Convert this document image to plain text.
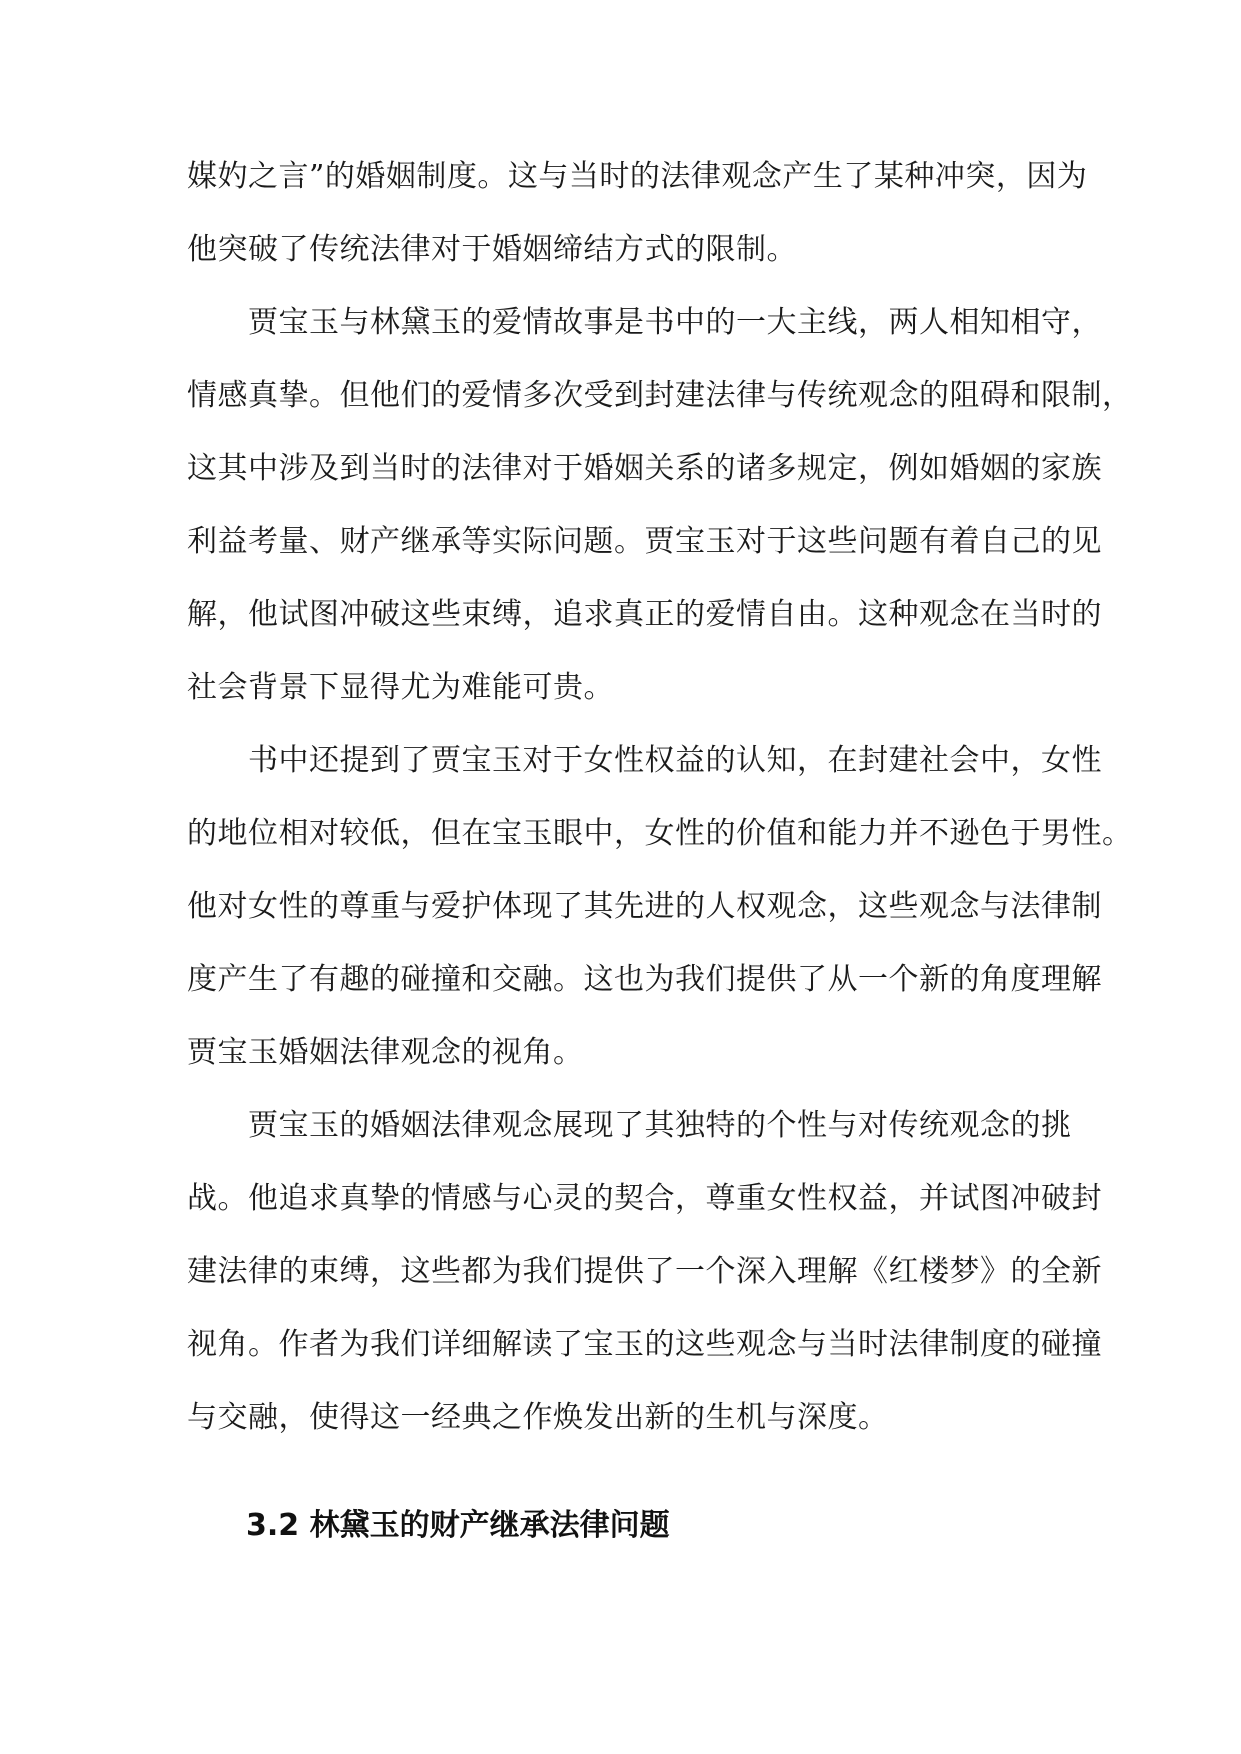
媒妁之言”的婚姻制度。这与当时的法律观念产生了某种冲突，因为
他突破了传统法律对于婚姻缔结方式的限制。
　　贾宝玉与林黛玉的爱情故事是书中的一大主线，两人相知相守，
情感真挚。但他们的爱情多次受到封建法律与传统观念的阻碍和限制，
这其中涉及到当时的法律对于婚姻关系的诸多规定，例如婚姻的家族
利益考量、财产继承等实际问题。贾宝玉对于这些问题有着自己的见
解，他试图冲破这些束缚，追求真正的爱情自由。这种观念在当时的
社会背景下显得尤为难能可贵。
　　书中还提到了贾宝玉对于女性权益的认知，在封建社会中，女性
的地位相对较低，但在宝玉眼中，女性的价值和能力并不逊色于男性。
他对女性的尊重与爱护体现了其先进的人权观念，这些观念与法律制
度产生了有趣的碰撞和交融。这也为我们提供了从一个新的角度理解
贾宝玉婚姻法律观念的视角。
　　贾宝玉的婚姻法律观念展现了其独特的个性与对传统观念的挑
战。他追求真挚的情感与心灵的契合，尊重女性权益，并试图冲破封
建法律的束缚，这些都为我们提供了一个深入理解《红楼梦》的全新
视角。作者为我们详细解读了宝玉的这些观念与当时法律制度的碰撞
与交融，使得这一经典之作焕发出新的生机与深度。
3.2 林黛玉的财产继承法律问题
